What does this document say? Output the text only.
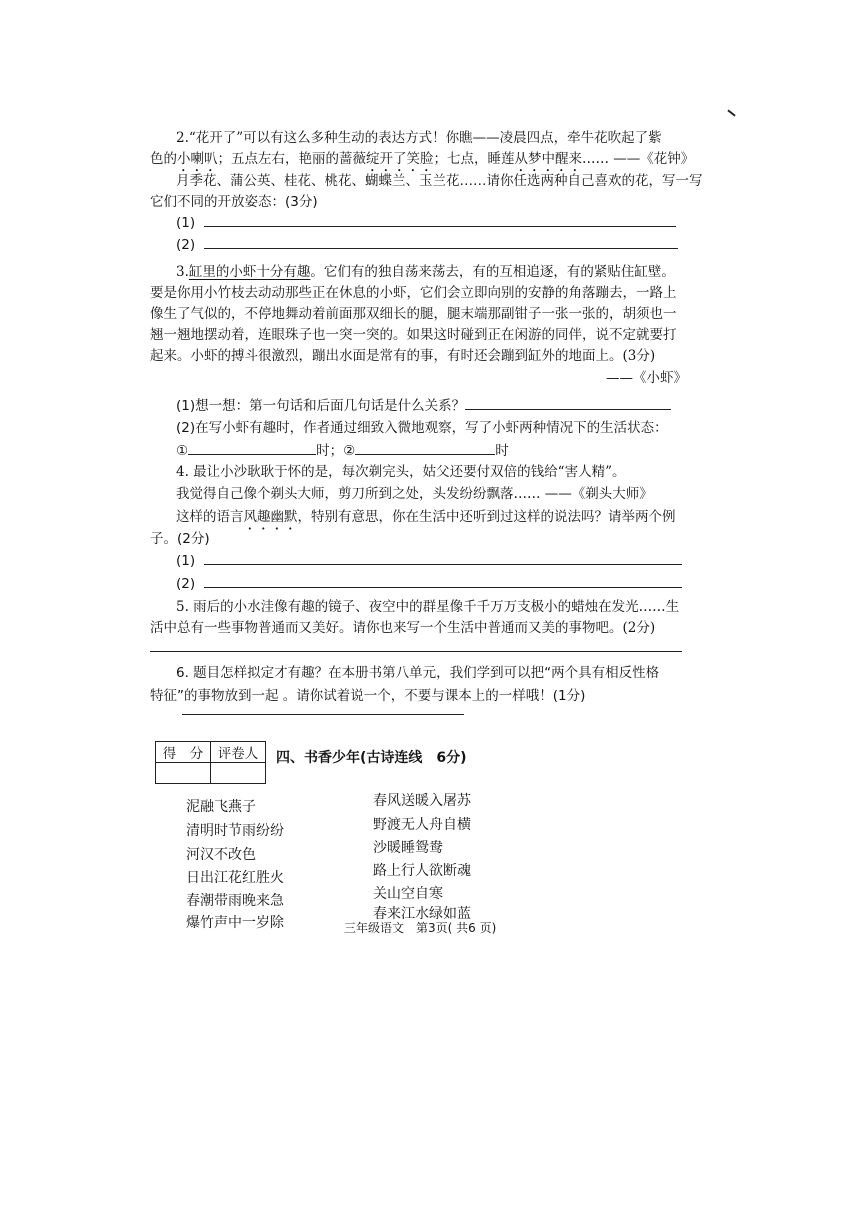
2.“花开了”可以有这么多种生动的表达方式！你瞧——凌晨四点，牵牛花吹起了紫
色的小喇叭；五点左右，艳丽的蔷薇绽开了笑脸；七点，睡莲从梦中醒来…… ——《花钟》
月季花、蒲公英、桂花、桃花、蝴蝶兰、玉兰花……请你任选两种自己喜欢的花，写一写
它们不同的开放姿态：(3分)
(1)
(2)
3.缸里的小虾十分有趣。它们有的独自荡来荡去，有的互相追逐，有的紧贴住缸壁。
要是你用小竹枝去动动那些正在休息的小虾，它们会立即向别的安静的角落蹦去，一路上
像生了气似的，不停地舞动着前面那双细长的腿，腿末端那副钳子一张一张的，胡须也一
翘一翘地摆动着，连眼珠子也一突一突的。如果这时碰到正在闲游的同伴，说不定就要打
起来。小虾的搏斗很激烈，蹦出水面是常有的事，有时还会蹦到缸外的地面上。(3分)
——《小虾》
(1)想一想：第一句话和后面几句话是什么关系？
(2)在写小虾有趣时，作者通过细致入微地观察，写了小虾两种情况下的生活状态：
①	时；②	时
4. 最让小沙耿耿于怀的是，每次剃完头，姑父还要付双倍的钱给“害人精”。
我觉得自己像个剃头大师，剪刀所到之处，头发纷纷飘落…… ——《剃头大师》
这样的语言风趣幽默，特别有意思，你在生活中还听到过这样的说法吗？请举两个例
子。(2分)
(1)
(2)
5. 雨后的小水洼像有趣的镜子、夜空中的群星像千千万万支极小的蜡烛在发光……生
活中总有一些事物普通而又美好。请你也来写一个生活中普通而又美的事物吧。(2分)
6. 题目怎样拟定才有趣？在本册书第八单元，我们学到可以把“两个具有相反性格
特征”的事物放到一起 。请你试着说一个，不要与课本上的一样哦！(1分)
得　分	评卷人
	四、书香少年(古诗连线　6分)
泥融飞燕子
清明时节雨纷纷
河汉不改色
日出江花红胜火
春潮带雨晚来急
爆竹声中一岁除
春风送暖入屠苏
野渡无人舟自横
沙暖睡鸳鸯
路上行人欲断魂
关山空自寒
春来江水绿如蓝
三年级语文　第3页( 共6 页)
